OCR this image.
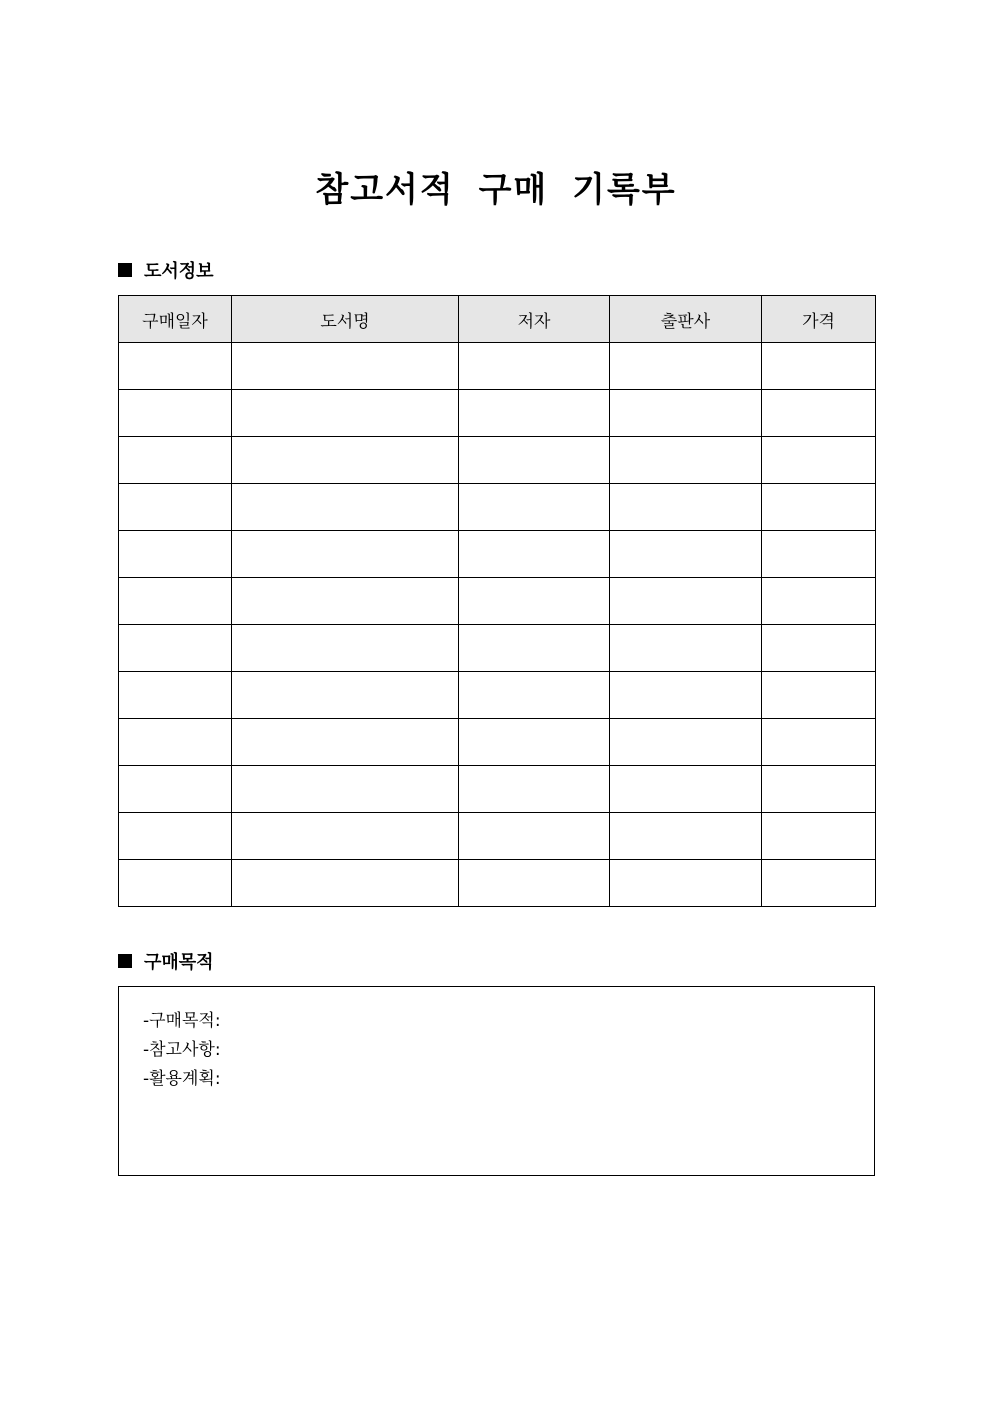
참고서적 구매 기록부
도서정보
구매일자	도서명	저자	출판사	가격

구매목적
-구매목적:
-참고사항:
-활용계획:
